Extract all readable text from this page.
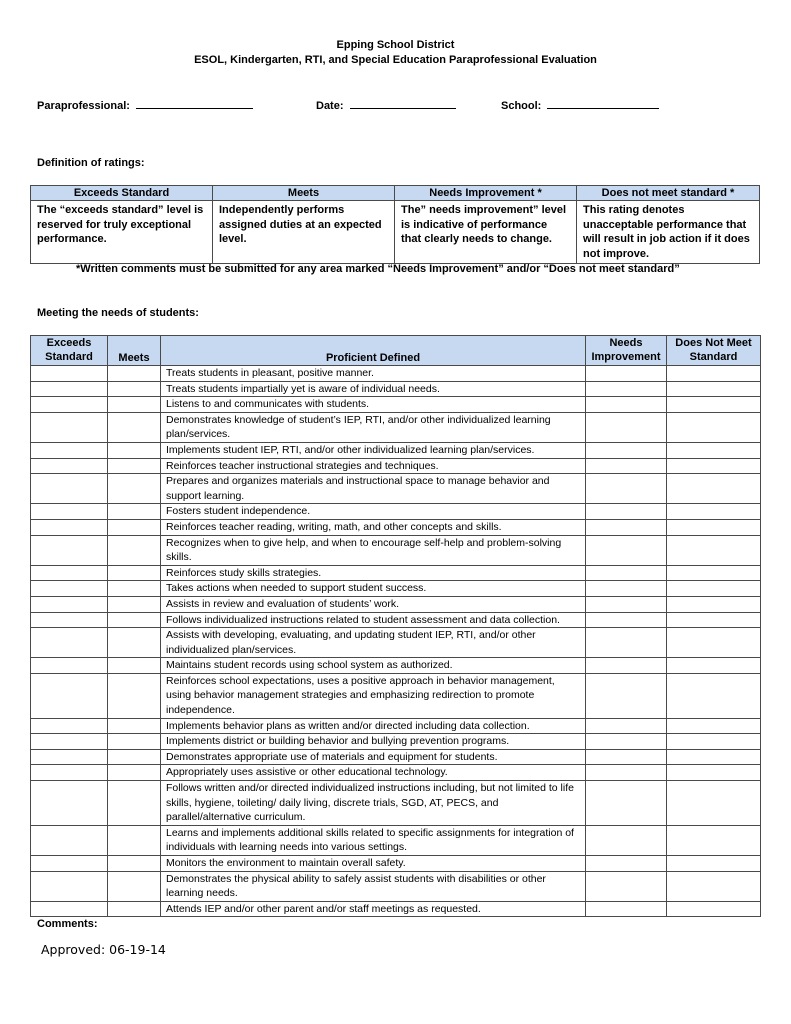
Epping School District
ESOL, Kindergarten, RTI, and Special Education Paraprofessional Evaluation
Paraprofessional:	Date:	School:
Definition of ratings:
Exceeds Standard	Meets	Needs Improvement *	Does not meet standard *
The “exceeds standard” level is reserved for truly exceptional performance.	Independently performs assigned duties at an expected level.	The” needs improvement” level is indicative of performance that clearly needs to change.	This rating denotes unacceptable performance that will result in job action if it does not improve.
*Written comments must be submitted for any area marked “Needs Improvement” and/or “Does not meet standard”
Meeting the needs of students:
Exceeds Standard	Meets	Proficient Defined	Needs Improvement	Does Not Meet Standard
		Treats students in pleasant, positive manner.		
		Treats students impartially yet is aware of individual needs.		
		Listens to and communicates with students.		
		Demonstrates knowledge of student’s IEP, RTI, and/or other individualized learning plan/services.		
		Implements student IEP, RTI, and/or other individualized learning plan/services.		
		Reinforces teacher instructional strategies and techniques.		
		Prepares and organizes materials and instructional space to manage behavior and support learning.		
		Fosters student independence.		
		Reinforces teacher reading, writing, math, and other concepts and skills.		
		Recognizes when to give help, and when to encourage self-help and problem-solving skills.		
		Reinforces study skills strategies.		
		Takes actions when needed to support student success.		
		Assists in review and evaluation of students’ work.		
		Follows individualized instructions related to student assessment and data collection.		
		Assists with developing, evaluating, and updating student IEP, RTI, and/or other individualized plan/services.		
		Maintains student records using school system as authorized.		
		Reinforces school expectations, uses a positive approach in behavior management, using behavior management strategies and emphasizing redirection to promote independence.		
		Implements behavior plans as written and/or directed including data collection.		
		Implements district or building behavior and bullying prevention programs.		
		Demonstrates appropriate use of materials and equipment for students.		
		Appropriately uses assistive or other educational technology.		
		Follows written and/or directed individualized instructions including, but not limited to life skills, hygiene, toileting/ daily living, discrete trials, SGD, AT, PECS, and parallel/alternative curriculum.		
		Learns and implements additional skills related to specific assignments for integration of individuals with learning needs into various settings.		
		Monitors the environment to maintain overall safety.		
		Demonstrates the physical ability to safely assist students with disabilities or other learning needs.		
		Attends IEP and/or other parent and/or staff meetings as requested.		
Comments:
Approved: 06-19-14
